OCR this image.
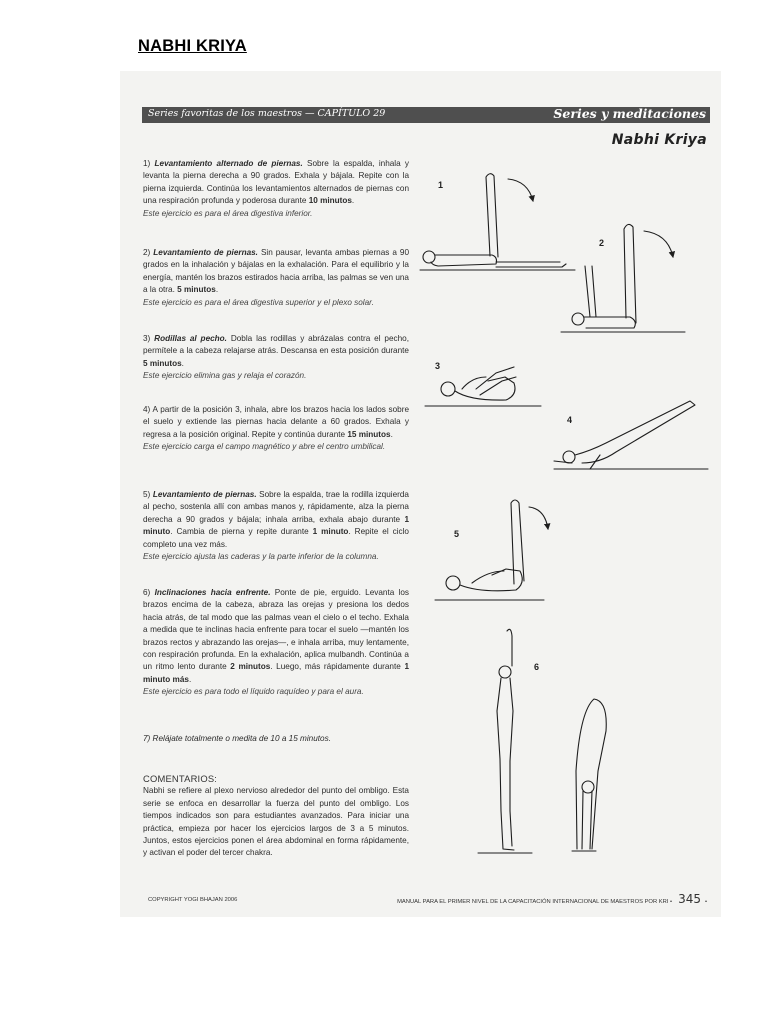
NABHI KRIYA
Series favoritas de los maestros — CAPÍTULO 29	Series y meditaciones
Nabhi Kriya

1) Levantamiento alternado de piernas. Sobre la espalda, inhala y levanta la pierna derecha a 90 grados. Exhala y bájala. Repite con la pierna izquierda. Continúa los levantamientos alternados de piernas con una respiración profunda y poderosa durante 10 minutos.

Este ejercicio es para el área digestiva inferior.

2) Levantamiento de piernas. Sin pausar, levanta ambas piernas a 90 grados en la inhalación y bájalas en la exhalación. Para el equilibrio y la energía, mantén los brazos estirados hacia arriba, las palmas se ven una a la otra. 5 minutos.

Este ejercicio es para el área digestiva superior y el plexo solar.

3) Rodillas al pecho. Dobla las rodillas y abrázalas contra el pecho, permítele a la cabeza relajarse atrás. Descansa en esta posición durante 5 minutos.

Este ejercicio elimina gas y relaja el corazón.

4) A partir de la posición 3, inhala, abre los brazos hacia los lados sobre el suelo y extiende las piernas hacia delante a 60 grados. Exhala y regresa a la posición original. Repite y continúa durante 15 minutos.

Este ejercicio carga el campo magnético y abre el centro umbilical.

5) Levantamiento de piernas. Sobre la espalda, trae la rodilla izquierda al pecho, sostenla allí con ambas manos y, rápidamente, alza la pierna derecha a 90 grados y bájala; inhala arriba, exhala abajo durante 1 minuto. Cambia de pierna y repite durante 1 minuto. Repite el ciclo completo una vez más.

Este ejercicio ajusta las caderas y la parte inferior de la columna.

6) Inclinaciones hacia enfrente. Ponte de pie, erguido. Levanta los brazos encima de la cabeza, abraza las orejas y presiona los dedos hacia atrás, de tal modo que las palmas vean el cielo o el techo. Exhala a medida que te inclinas hacia enfrente para tocar el suelo —mantén los brazos rectos y abrazando las orejas—, e inhala arriba, muy lentamente, con respiración profunda. En la exhalación, aplica mulbandh. Continúa a un ritmo lento durante 2 minutos. Luego, más rápidamente durante 1 minuto más.

Este ejercicio es para todo el líquido raquídeo y para el aura.

7) Relájate totalmente o medita de 10 a 15 minutos.
COMENTARIOS:

Nabhi se refiere al plexo nervioso alrededor del punto del ombligo. Esta serie se enfoca en desarrollar la fuerza del punto del ombligo. Los tiempos indicados son para estudiantes avanzados. Para iniciar una práctica, empieza por hacer los ejercicios largos de 3 a 5 minutos. Juntos, estos ejercicios ponen el área abdominal en forma rápidamente, y activan el poder del tercer chakra.

COPYRIGHT YOGI BHAJAN 2006	MANUAL PARA EL PRIMER NIVEL DE LA CAPACITACIÓN INTERNACIONAL DE MAESTROS POR KRI • 345 •
1
2
3
4
5
6
